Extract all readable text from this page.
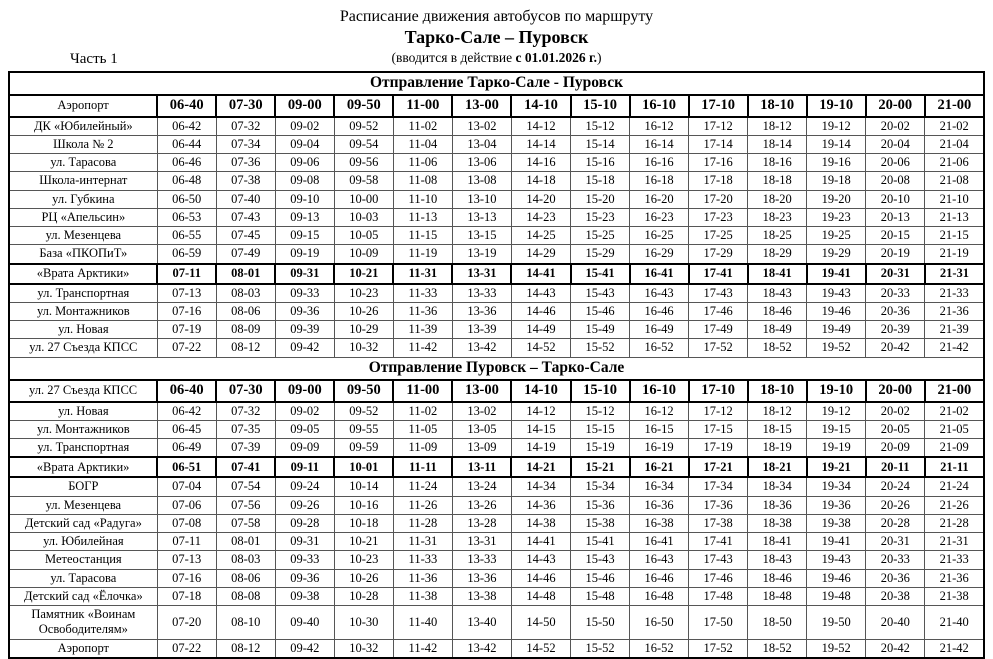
Расписание движения автобусов по маршруту
Тарко-Сале – Пуровск
Часть 1	(вводится в действие с 01.01.2026 г.)
Отправление Тарко-Сале - Пуровск														
Аэропорт	06-40	07-30	09-00	09-50	11-00	13-00	14-10	15-10	16-10	17-10	18-10	19-10	20-00	21-00
ДК «Юбилейный»	06-42	07-32	09-02	09-52	11-02	13-02	14-12	15-12	16-12	17-12	18-12	19-12	20-02	21-02
Школа № 2	06-44	07-34	09-04	09-54	11-04	13-04	14-14	15-14	16-14	17-14	18-14	19-14	20-04	21-04
ул. Тарасова	06-46	07-36	09-06	09-56	11-06	13-06	14-16	15-16	16-16	17-16	18-16	19-16	20-06	21-06
Школа-интернат	06-48	07-38	09-08	09-58	11-08	13-08	14-18	15-18	16-18	17-18	18-18	19-18	20-08	21-08
ул. Губкина	06-50	07-40	09-10	10-00	11-10	13-10	14-20	15-20	16-20	17-20	18-20	19-20	20-10	21-10
РЦ «Апельсин»	06-53	07-43	09-13	10-03	11-13	13-13	14-23	15-23	16-23	17-23	18-23	19-23	20-13	21-13
ул. Мезенцева	06-55	07-45	09-15	10-05	11-15	13-15	14-25	15-25	16-25	17-25	18-25	19-25	20-15	21-15
База «ПКОПиТ»	06-59	07-49	09-19	10-09	11-19	13-19	14-29	15-29	16-29	17-29	18-29	19-29	20-19	21-19
«Врата Арктики»	07-11	08-01	09-31	10-21	11-31	13-31	14-41	15-41	16-41	17-41	18-41	19-41	20-31	21-31
ул. Транспортная	07-13	08-03	09-33	10-23	11-33	13-33	14-43	15-43	16-43	17-43	18-43	19-43	20-33	21-33
ул. Монтажников	07-16	08-06	09-36	10-26	11-36	13-36	14-46	15-46	16-46	17-46	18-46	19-46	20-36	21-36
ул. Новая	07-19	08-09	09-39	10-29	11-39	13-39	14-49	15-49	16-49	17-49	18-49	19-49	20-39	21-39
ул. 27 Съезда КПСС	07-22	08-12	09-42	10-32	11-42	13-42	14-52	15-52	16-52	17-52	18-52	19-52	20-42	21-42
Отправление Пуровск – Тарко-Сале														
ул. 27 Съезда КПСС	06-40	07-30	09-00	09-50	11-00	13-00	14-10	15-10	16-10	17-10	18-10	19-10	20-00	21-00
ул. Новая	06-42	07-32	09-02	09-52	11-02	13-02	14-12	15-12	16-12	17-12	18-12	19-12	20-02	21-02
ул. Монтажников	06-45	07-35	09-05	09-55	11-05	13-05	14-15	15-15	16-15	17-15	18-15	19-15	20-05	21-05
ул. Транспортная	06-49	07-39	09-09	09-59	11-09	13-09	14-19	15-19	16-19	17-19	18-19	19-19	20-09	21-09
«Врата Арктики»	06-51	07-41	09-11	10-01	11-11	13-11	14-21	15-21	16-21	17-21	18-21	19-21	20-11	21-11
БОГР	07-04	07-54	09-24	10-14	11-24	13-24	14-34	15-34	16-34	17-34	18-34	19-34	20-24	21-24
ул. Мезенцева	07-06	07-56	09-26	10-16	11-26	13-26	14-36	15-36	16-36	17-36	18-36	19-36	20-26	21-26
Детский сад «Радуга»	07-08	07-58	09-28	10-18	11-28	13-28	14-38	15-38	16-38	17-38	18-38	19-38	20-28	21-28
ул. Юбилейная	07-11	08-01	09-31	10-21	11-31	13-31	14-41	15-41	16-41	17-41	18-41	19-41	20-31	21-31
Метеостанция	07-13	08-03	09-33	10-23	11-33	13-33	14-43	15-43	16-43	17-43	18-43	19-43	20-33	21-33
ул. Тарасова	07-16	08-06	09-36	10-26	11-36	13-36	14-46	15-46	16-46	17-46	18-46	19-46	20-36	21-36
Детский сад «Ёлочка»	07-18	08-08	09-38	10-28	11-38	13-38	14-48	15-48	16-48	17-48	18-48	19-48	20-38	21-38
Памятник «Воинам Освободителям»	07-20	08-10	09-40	10-30	11-40	13-40	14-50	15-50	16-50	17-50	18-50	19-50	20-40	21-40
Аэропорт	07-22	08-12	09-42	10-32	11-42	13-42	14-52	15-52	16-52	17-52	18-52	19-52	20-42	21-42
